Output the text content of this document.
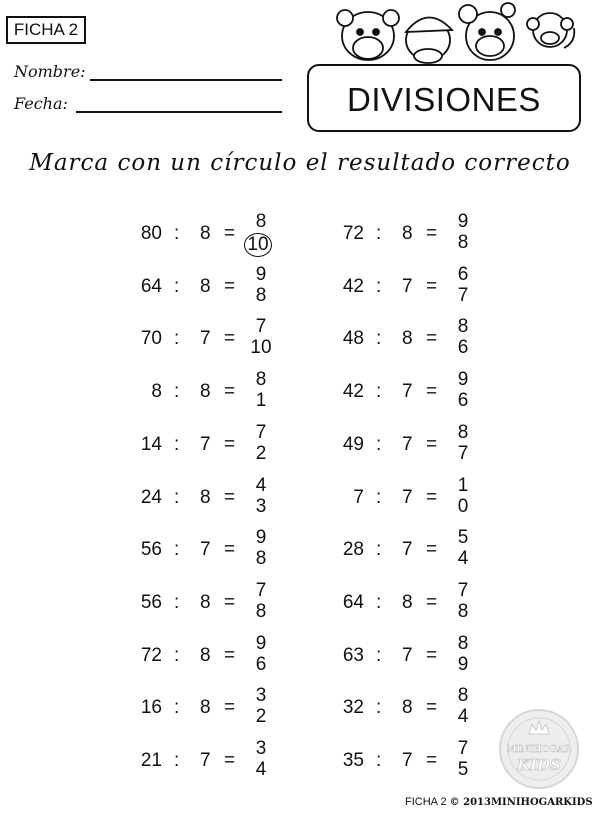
FICHA 2
Nombre:
Fecha:	DIVISIONES
Marca con un círculo el resultado correcto
80 : 8 =
8
10
64 : 8 =
9
8
70 : 7 =
7
10
8 : 8 =
8
1
14 : 7 =
7
2
24 : 8 =
4
3
56 : 7 =
9
8
56 : 8 =
7
8
72 : 8 =
9
6
16 : 8 =
3
2
21 : 7 =
3
4
72 : 8 =
9
8
42 : 7 =
6
7
48 : 8 =
8
6
42 : 7 =
9
6
49 : 7 =
8
7
7 : 7 =
1
0
28 : 7 =
5
4
64 : 8 =
7
8
63 : 7 =
8
9
32 : 8 =
8
4
35 : 7 =
7
5
MINIHOGAR
KIDS
FICHA 2 © 2013MINIHOGARKIDS
